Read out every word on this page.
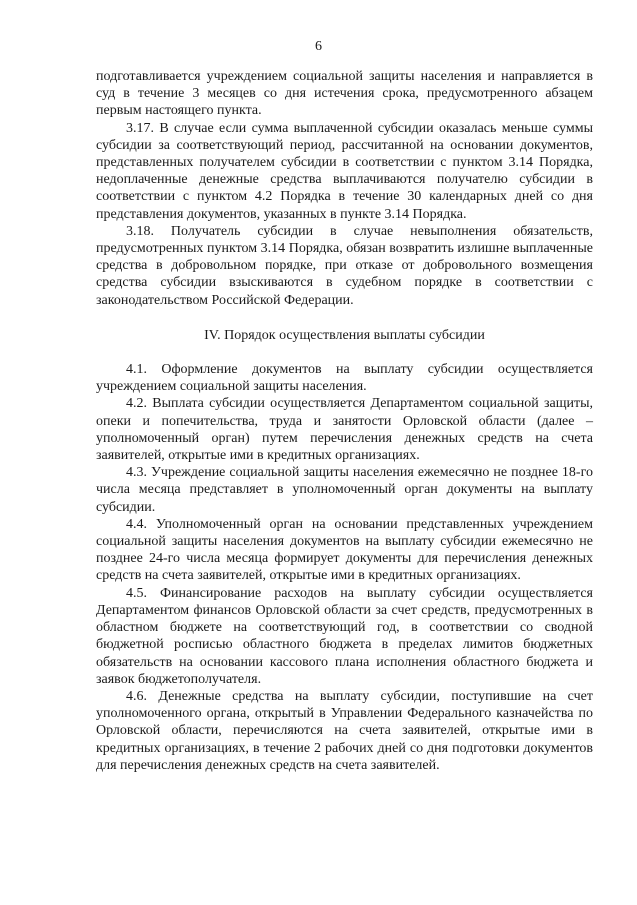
6

подготавливается учреждением социальной защиты населения и направляется в суд в течение 3 месяцев со дня истечения срока, предусмотренного абзацем первым настоящего пункта.

3.17. В случае если сумма выплаченной субсидии оказалась меньше суммы субсидии за соответствующий период, рассчитанной на основании документов, представленных получателем субсидии в соответствии с пунктом 3.14 Порядка, недоплаченные денежные средства выплачиваются получателю субсидии в соответствии с пунктом 4.2 Порядка в течение 30 календарных дней со дня представления документов, указанных в пункте 3.14 Порядка.

3.18. Получатель субсидии в случае невыполнения обязательств, предусмотренных пунктом 3.14 Порядка, обязан возвратить излишне выплаченные средства в добровольном порядке, при отказе от добровольного возмещения средства субсидии взыскиваются в судебном порядке в соответствии с законодательством Российской Федерации.

IV. Порядок осуществления выплаты субсидии

4.1. Оформление документов на выплату субсидии осуществляется учреждением социальной защиты населения.

4.2. Выплата субсидии осуществляется Департаментом социальной защиты, опеки и попечительства, труда и занятости Орловской области (далее – уполномоченный орган) путем перечисления денежных средств на счета заявителей, открытые ими в кредитных организациях.

4.3. Учреждение социальной защиты населения ежемесячно не позднее 18-го числа месяца представляет в уполномоченный орган документы на выплату субсидии.

4.4. Уполномоченный орган на основании представленных учреждением социальной защиты населения документов на выплату субсидии ежемесячно не позднее 24-го числа месяца формирует документы для перечисления денежных средств на счета заявителей, открытые ими в кредитных организациях.

4.5. Финансирование расходов на выплату субсидии осуществляется Департаментом финансов Орловской области за счет средств, предусмотренных в областном бюджете на соответствующий год, в соответствии со сводной бюджетной росписью областного бюджета в пределах лимитов бюджетных обязательств на основании кассового плана исполнения областного бюджета и заявок бюджетополучателя.

4.6. Денежные средства на выплату субсидии, поступившие на счет уполномоченного органа, открытый в Управлении Федерального казначейства по Орловской области, перечисляются на счета заявителей, открытые ими в кредитных организациях, в течение 2 рабочих дней со дня подготовки документов для перечисления денежных средств на счета заявителей.
